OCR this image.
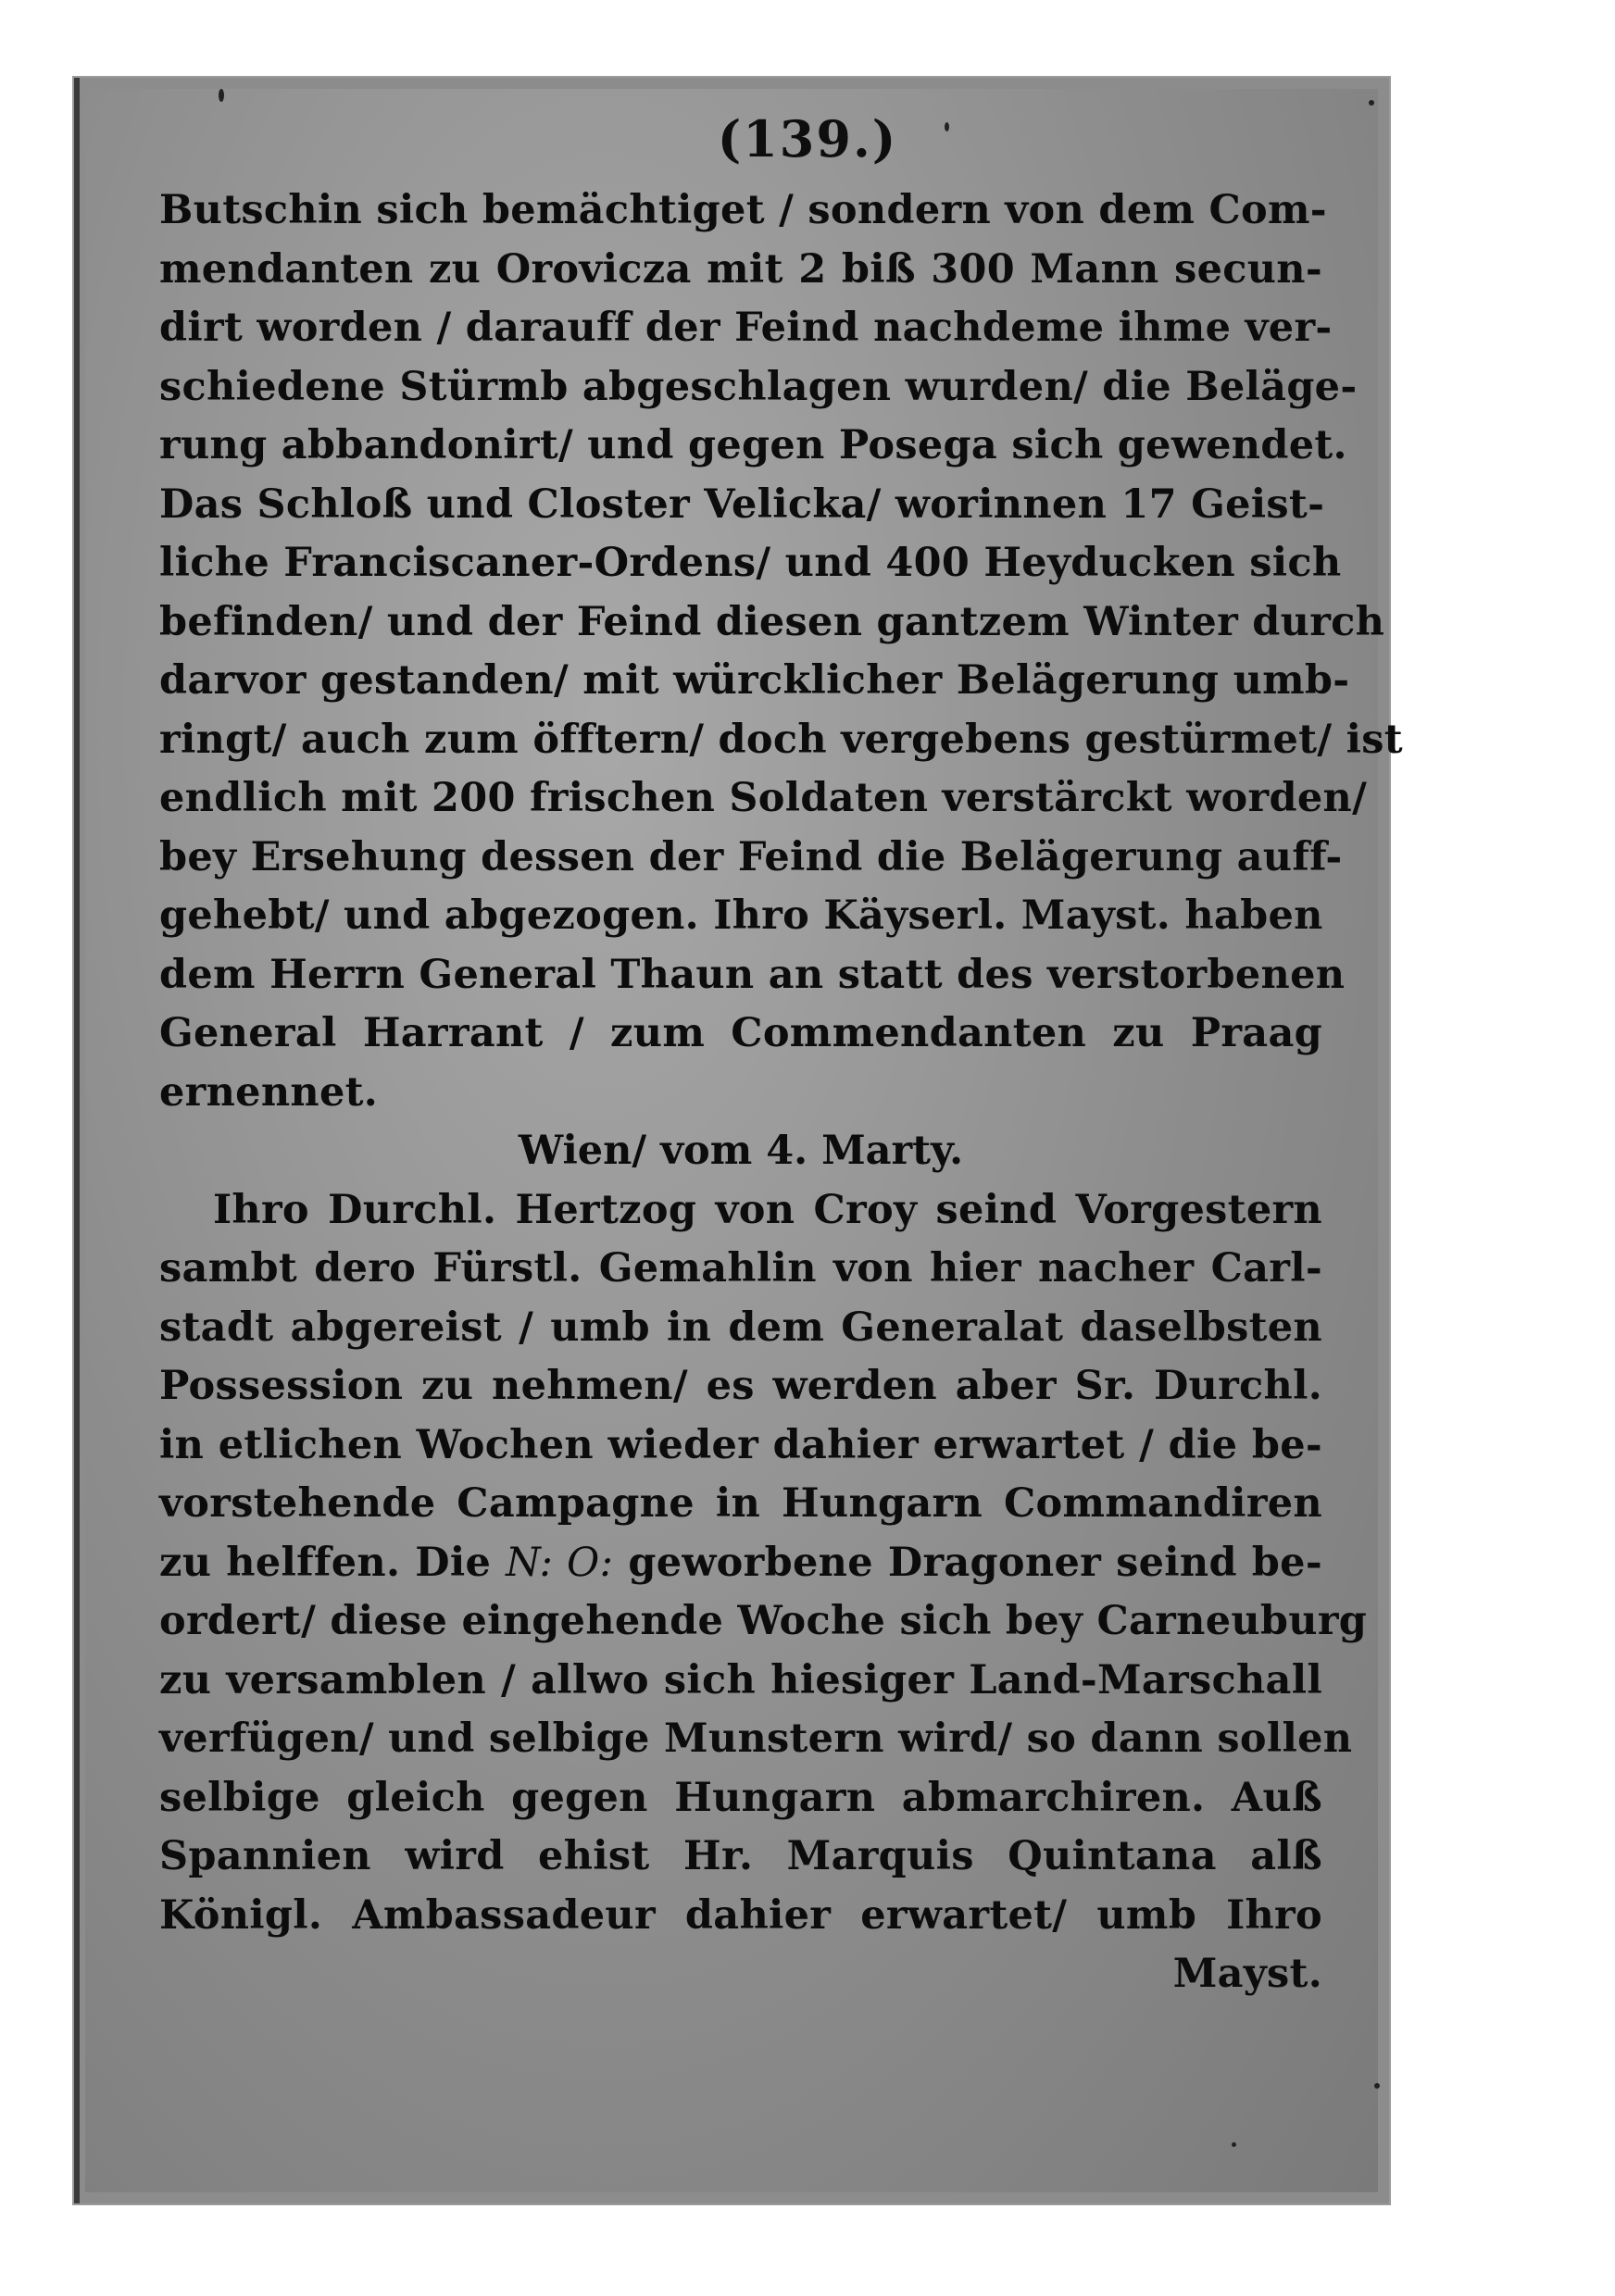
(139.)
Butschin sich bemächtiget / sondern von dem Com-
mendanten zu Orovicza mit 2 biß 300 Mann secun-
dirt worden / darauff der Feind nachdeme ihme ver-
schiedene Stürmb abgeschlagen wurden/ die Beläge-
rung abbandonirt/ und gegen Posega sich gewendet.
Das Schloß und Closter Velicka/ worinnen 17 Geist-
liche Franciscaner-Ordens/ und 400 Heyducken sich
befinden/ und der Feind diesen gantzem Winter durch
darvor gestanden/ mit würcklicher Belägerung umb-
ringt/ auch zum öfftern/ doch vergebens gestürmet/ ist
endlich mit 200 frischen Soldaten verstärckt worden/
bey Ersehung dessen der Feind die Belägerung auff-
gehebt/ und abgezogen. Ihro Käyserl. Mayst. haben
dem Herrn General Thaun an statt des verstorbenen
General Harrant / zum Commendanten zu Praag
ernennet.
Wien/ vom 4. Marty.
Ihro Durchl. Hertzog von Croy seind Vorgestern
sambt dero Fürstl. Gemahlin von hier nacher Carl-
stadt abgereist / umb in dem Generalat daselbsten
Possession zu nehmen/ es werden aber Sr. Durchl.
in etlichen Wochen wieder dahier erwartet / die be-
vorstehende Campagne in Hungarn Commandiren
zu helffen. Die N: O: geworbene Dragoner seind be-
ordert/ diese eingehende Woche sich bey Carneuburg
zu versamblen / allwo sich hiesiger Land-Marschall
verfügen/ und selbige Munstern wird/ so dann sollen
selbige gleich gegen Hungarn abmarchiren. Auß
Spannien wird ehist Hr. Marquis Quintana alß
Königl. Ambassadeur dahier erwartet/ umb Ihro
Mayst.
